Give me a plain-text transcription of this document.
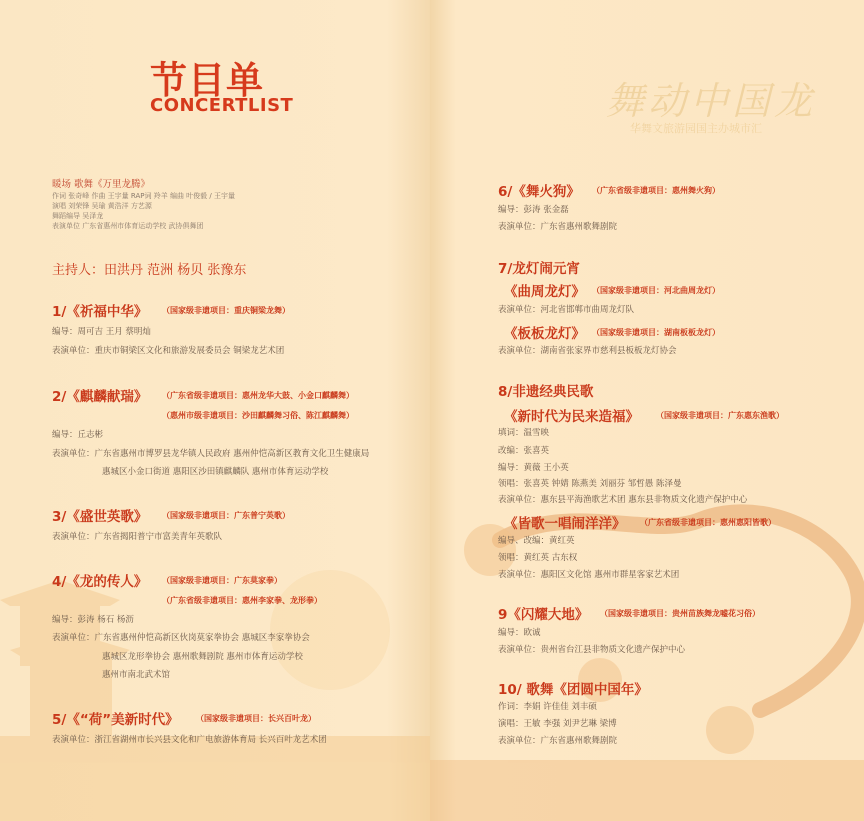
舞动中国龙
华舞文旅游园国主办城市汇
节目单
CONCERTLIST
暖场 歌舞《万里龙腾》
作词 张奇峰 作曲 王宇量 RAP词 羚羊 编曲 叶俊毅 / 王宇量
演唱 刘荣锋 吴瑜 黄浩洋 方艺源
舞蹈编导 吴泽龙
表演单位 广东省惠州市体育运动学校 武协俱舞团
主持人：田洪丹 范洲 杨贝 张豫东
1/《祈福中华》 （国家级非遗项目：重庆铜梁龙舞）
编导：周可吉 王月 蔡明灿
表演单位：重庆市铜梁区文化和旅游发展委员会 铜梁龙艺术团
2/《麒麟献瑞》 （广东省级非遗项目：惠州龙华大鼓、小金口麒麟舞）
（惠州市级非遗项目：沙田麒麟舞习俗、陈江麒麟舞）
编导：丘志彬
表演单位：广东省惠州市博罗县龙华镇人民政府 惠州仲恺高新区教育文化卫生健康局
惠城区小金口街道 惠阳区沙田镇麒麟队 惠州市体育运动学校
3/《盛世英歌》 （国家级非遗项目：广东普宁英歌）
表演单位：广东省揭阳普宁市富美青年英歌队
4/《龙的传人》 （国家级非遗项目：广东莫家拳）
（广东省级非遗项目：惠州李家拳、龙形拳）
编导：彭涛 杨石 杨沥
表演单位：广东省惠州仲恺高新区伙岗莫家拳协会 惠城区李家拳协会
惠城区龙形拳协会 惠州歌舞剧院 惠州市体育运动学校
惠州市南北武术馆
5/《“荷”美新时代》 （国家级非遗项目：长兴百叶龙）
表演单位：浙江省湖州市长兴县文化和广电旅游体育局 长兴百叶龙艺术团
6/《舞火狗》 （广东省级非遗项目：惠州舞火狗）
编导：彭涛 张金磊
表演单位：广东省惠州歌舞剧院
7/龙灯闹元宵
《曲周龙灯》 （国家级非遗项目：河北曲周龙灯）
表演单位：河北省邯郸市曲周龙灯队
《板板龙灯》 （国家级非遗项目：湖南板板龙灯）
表演单位：湖南省张家界市慈利县板板龙灯协会
8/非遗经典民歌
《新时代为民来造福》 （国家级非遗项目：广东惠东渔歌）
填词：温雪映
改编：张喜英
编导：黄薇 王小英
领唱：张喜英 钟婧 陈燕美 刘丽芬 邹哲愚 陈泽曼
表演单位：惠东县平海渔歌艺术团 惠东县非物质文化遗产保护中心
《皆歌一唱闹洋洋》 （广东省级非遗项目：惠州惠阳皆歌）
编导、改编：黄红英
领唱：黄红英 古东权
表演单位：惠阳区文化馆 惠州市群星客家艺术团
9《闪耀大地》 （国家级非遗项目：贵州苗族舞龙嘘花习俗）
编导：欧诚
表演单位：贵州省台江县非物质文化遗产保护中心
10/ 歌舞《团圆中国年》
作词：李娟 许佳佳 刘丰硕
演唱：王敏 李强 刘尹艺琳 梁博
表演单位：广东省惠州歌舞剧院
